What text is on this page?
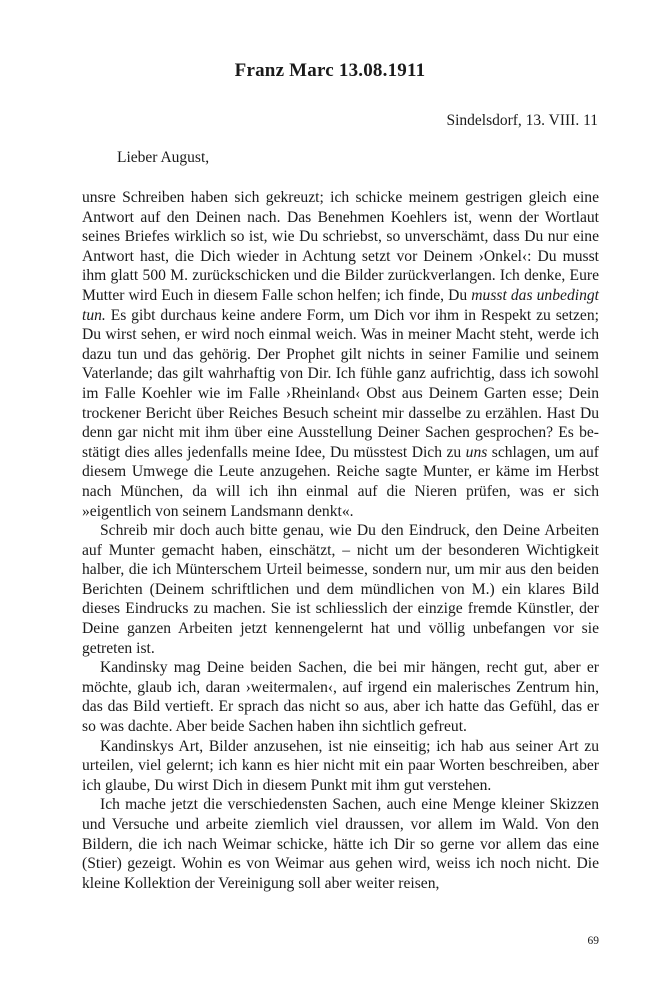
Franz Marc 13.08.1911
Sindelsdorf, 13. VIII. 11
Lieber August,

unsre Schreiben haben sich gekreuzt; ich schicke meinem gestrigen gleich eine Antwort auf den Deinen nach. Das Benehmen Koehlers ist, wenn der Wortlaut seines Briefes wirklich so ist, wie Du schriebst, so unverschämt, dass Du nur eine Antwort hast, die Dich wieder in Achtung setzt vor Deinem ›Onkel‹: Du musst ihm glatt 500 M. zurückschicken und die Bilder zurückverlangen. Ich denke, Eure Mutter wird Euch in diesem Falle schon helfen; ich finde, Du musst das unbedingt tun. Es gibt durchaus keine andere Form, um Dich vor ihm in Respekt zu setzen; Du wirst sehen, er wird noch einmal weich. Was in meiner Macht steht, werde ich dazu tun und das gehörig. Der Prophet gilt nichts in seiner Familie und seinem Vaterlande; das gilt wahrhaftig von Dir. Ich fühle ganz aufrichtig, dass ich sowohl im Falle Koehler wie im Falle ›Rheinland‹ Obst aus Deinem Garten esse; Dein trockener Bericht über Reiches Besuch scheint mir dasselbe zu erzählen. Hast Du denn gar nicht mit ihm über eine Ausstellung Deiner Sachen gesprochen? Es bestätigt dies alles jedenfalls meine Idee, Du müsstest Dich zu uns schlagen, um auf diesem Umwege die Leute anzugehen. Reiche sagte Munter, er käme im Herbst nach München, da will ich ihn einmal auf die Nieren prüfen, was er sich »eigentlich von seinem Landsmann denkt«.

Schreib mir doch auch bitte genau, wie Du den Eindruck, den Deine Arbeiten auf Munter gemacht haben, einschätzt, – nicht um der besonderen Wichtigkeit halber, die ich Münterschem Urteil beimesse, sondern nur, um mir aus den beiden Berichten (Deinem schriftlichen und dem mündlichen von M.) ein klares Bild dieses Eindrucks zu machen. Sie ist schliesslich der einzige fremde Künstler, der Deine ganzen Arbeiten jetzt kennengelernt hat und völlig unbefangen vor sie getreten ist.

Kandinsky mag Deine beiden Sachen, die bei mir hängen, recht gut, aber er möchte, glaub ich, daran ›weitermalen‹, auf irgend ein malerisches Zentrum hin, das das Bild vertieft. Er sprach das nicht so aus, aber ich hatte das Gefühl, das er so was dachte. Aber beide Sachen haben ihn sichtlich gefreut.

Kandinskys Art, Bilder anzusehen, ist nie einseitig; ich hab aus seiner Art zu urteilen, viel gelernt; ich kann es hier nicht mit ein paar Worten beschreiben, aber ich glaube, Du wirst Dich in diesem Punkt mit ihm gut verstehen.

Ich mache jetzt die verschiedensten Sachen, auch eine Menge kleiner Skizzen und Versuche und arbeite ziemlich viel draussen, vor allem im Wald. Von den Bildern, die ich nach Weimar schicke, hätte ich Dir so gerne vor allem das eine (Stier) gezeigt. Wohin es von Weimar aus gehen wird, weiss ich noch nicht. Die kleine Kollektion der Vereinigung soll aber weiter reisen,

69
